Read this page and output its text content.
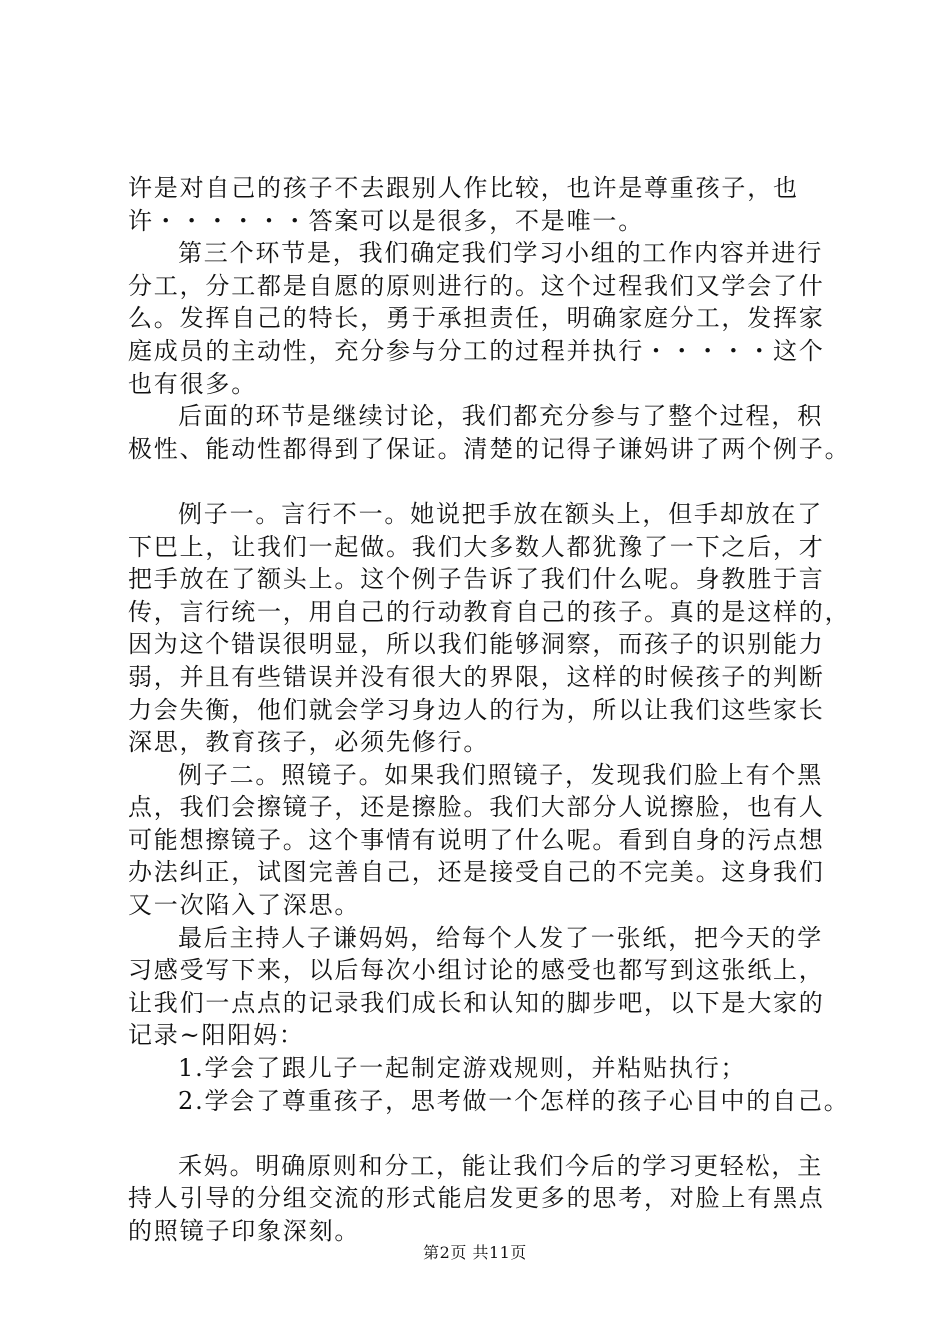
许是对自己的孩子不去跟别人作比较，也许是尊重孩子，也
许・・・・・・答案可以是很多，不是唯一。
第三个环节是，我们确定我们学习小组的工作内容并进行
分工，分工都是自愿的原则进行的。这个过程我们又学会了什
么。发挥自己的特长，勇于承担责任，明确家庭分工，发挥家
庭成员的主动性，充分参与分工的过程并执行・・・・・这个
也有很多。
后面的环节是继续讨论，我们都充分参与了整个过程，积
极性、能动性都得到了保证。清楚的记得子谦妈讲了两个例子。
例子一。言行不一。她说把手放在额头上，但手却放在了
下巴上，让我们一起做。我们大多数人都犹豫了一下之后，才
把手放在了额头上。这个例子告诉了我们什么呢。身教胜于言
传，言行统一，用自己的行动教育自己的孩子。真的是这样的，
因为这个错误很明显，所以我们能够洞察，而孩子的识别能力
弱，并且有些错误并没有很大的界限，这样的时候孩子的判断
力会失衡，他们就会学习身边人的行为，所以让我们这些家长
深思，教育孩子，必须先修行。
例子二。照镜子。如果我们照镜子，发现我们脸上有个黑
点，我们会擦镜子，还是擦脸。我们大部分人说擦脸，也有人
可能想擦镜子。这个事情有说明了什么呢。看到自身的污点想
办法纠正，试图完善自己，还是接受自己的不完美。这身我们
又一次陷入了深思。
最后主持人子谦妈妈，给每个人发了一张纸，把今天的学
习感受写下来，以后每次小组讨论的感受也都写到这张纸上，
让我们一点点的记录我们成长和认知的脚步吧，以下是大家的
记录~阳阳妈：
1.学会了跟儿子一起制定游戏规则，并粘贴执行；
2.学会了尊重孩子，思考做一个怎样的孩子心目中的自己。
禾妈。明确原则和分工，能让我们今后的学习更轻松，主
持人引导的分组交流的形式能启发更多的思考，对脸上有黑点
的照镜子印象深刻。
第2页 共11页
